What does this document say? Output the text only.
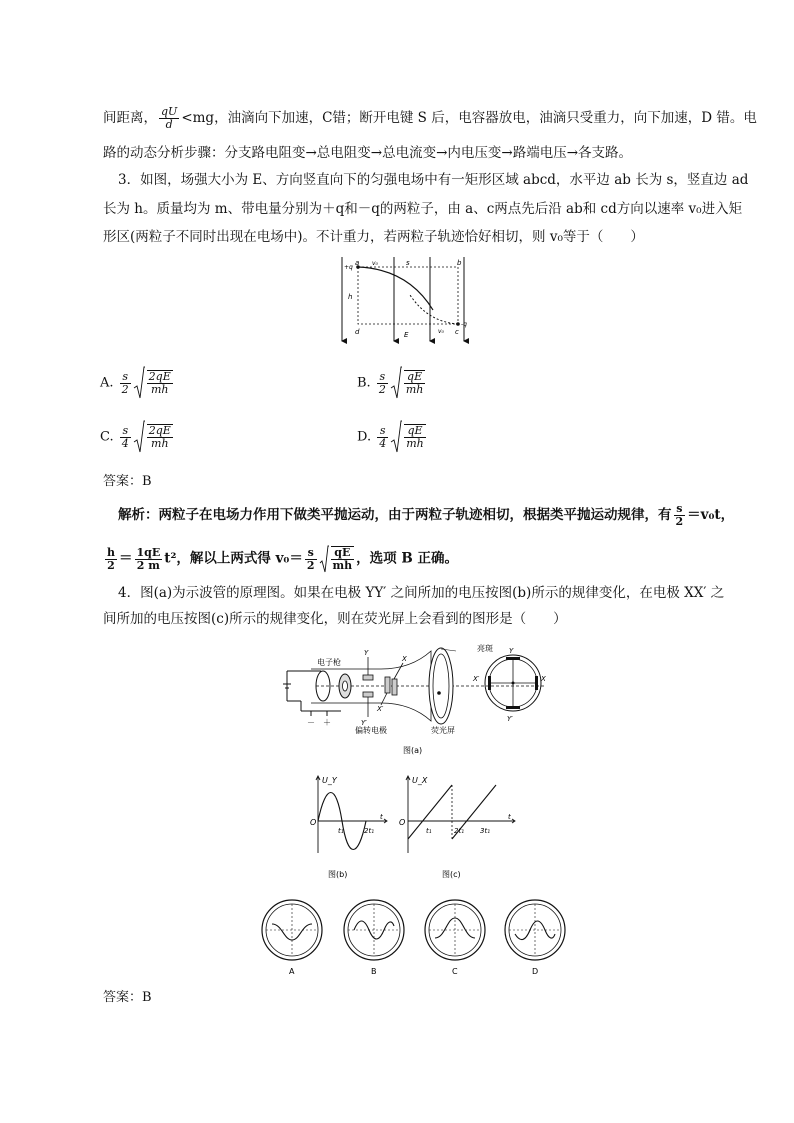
间距离， $\frac{qU}{d} <mg$，油滴向下加速，C错；断开电键 S 后，电容器放电，油滴只受重力，向下加速，D 错。电
路的动态分析步骤：分支路电阻变→总电阻变→总电流变→内电压变→路端电压→各支路。
3．如图，场强大小为 E、方向竖直向下的匀强电场中有一矩形区域 abcd，水平边 ab 长为 s，竖直边 ad
长为 h。质量均为 m、带电量分别为＋q和－q的两粒子，由 a、c两点先后沿 ab和 cd方向以速率 v₀进入矩
形区(两粒子不同时出现在电场中)。不计重力，若两粒子轨迹恰好相切，则 v₀等于（　　）
a	b
c
d
s
h
E
v₀
v₀
+q
-q
A. $\frac{s}{2} \frac{2qE}{mh}$	B. $\frac{s}{2} \frac{qE}{mh}$
C. $\frac{s}{4} \frac{2qE}{mh}$	D. $\frac{s}{4} \frac{qE}{mh}$
答案：B
解析：两粒子在电场力作用下做类平抛运动，由于两粒子轨迹相切，根据类平抛运动规律，有 $\frac{s}{2} =v_0t$，
$\frac{h}{2} = \frac{1qE}{2 m} t^2$，解以上两式得 $v_0= \frac{s}{2} \frac{qE}{mh}$ ，选项 B 正确。
4．图(a)为示波管的原理图。如果在电极 YY′ 之间所加的电压按图(b)所示的规律变化，在电极 XX′ 之
间所加的电压按图(c)所示的规律变化，则在荧光屏上会看到的图形是（　　）
电子枪
亮斑
偏转电极	荧光屏
Y
Y′
X
X′
Y
Y′
X′	X
－ ＋
图(a)
U_Y
O
t₁	2t₁
t
图(b)
U_X
O
t₁	2t₁ 3t₁
t
图(c)
A	B	C	D
答案：B
